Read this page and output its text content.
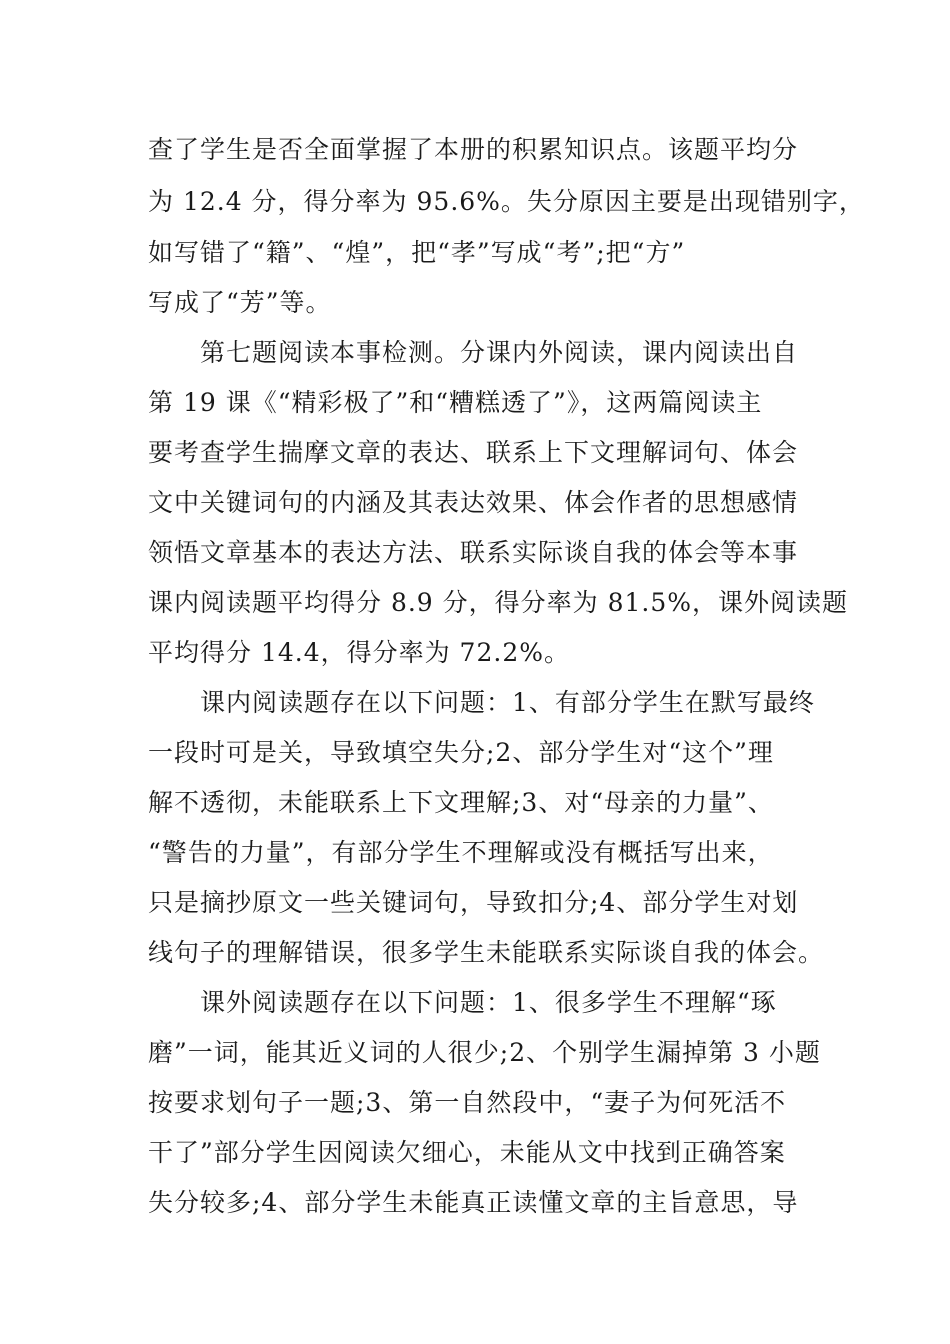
查了学生是否全面掌握了本册的积累知识点。该题平均分
为 12.4 分，得分率为 95.6%。失分原因主要是出现错别字，
如写错了“籍”、“煌”，把“孝”写成“考”;把“方”
写成了“芳”等。
第七题阅读本事检测。分课内外阅读，课内阅读出自
第 19 课《“精彩极了”和“糟糕透了”》，这两篇阅读主
要考查学生揣摩文章的表达、联系上下文理解词句、体会
文中关键词句的内涵及其表达效果、体会作者的思想感情
领悟文章基本的表达方法、联系实际谈自我的体会等本事
课内阅读题平均得分 8.9 分，得分率为 81.5%，课外阅读题
平均得分 14.4，得分率为 72.2%。
课内阅读题存在以下问题：1、有部分学生在默写最终
一段时可是关，导致填空失分;2、部分学生对“这个”理
解不透彻，未能联系上下文理解;3、对“母亲的力量”、
“警告的力量”，有部分学生不理解或没有概括写出来，
只是摘抄原文一些关键词句，导致扣分;4、部分学生对划
线句子的理解错误，很多学生未能联系实际谈自我的体会。
课外阅读题存在以下问题：1、很多学生不理解“琢
磨”一词，能其近义词的人很少;2、个别学生漏掉第 3 小题
按要求划句子一题;3、第一自然段中，“妻子为何死活不
干了”部分学生因阅读欠细心，未能从文中找到正确答案
失分较多;4、部分学生未能真正读懂文章的主旨意思，导
